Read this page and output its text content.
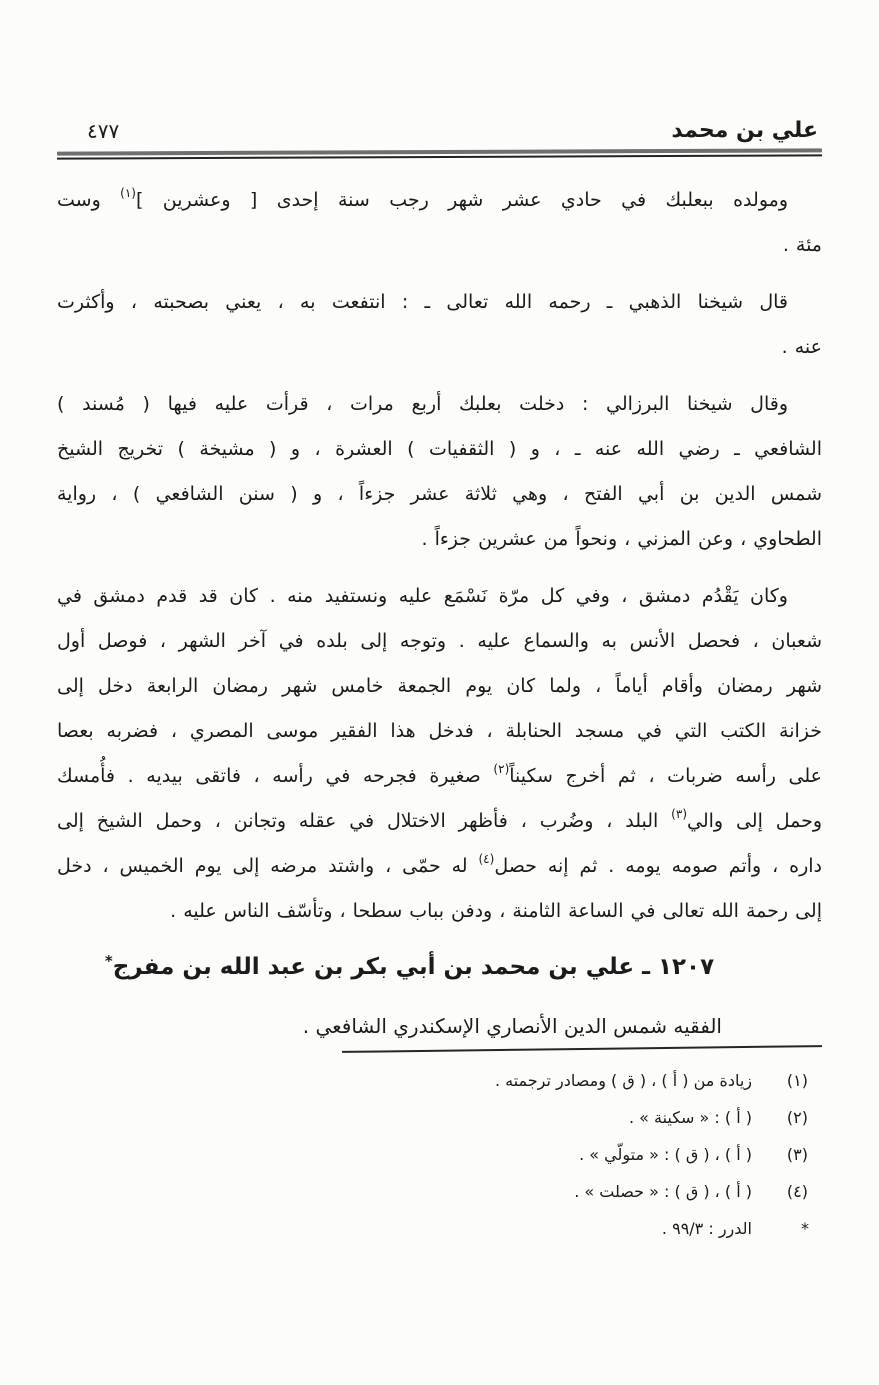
علي بن محمد
٤٧٧
ومولده ببعلبك في حادي عشر شهر رجب سنة إحدى [ وعشرين ]$^{(١)}$ وست
مئة .
قال شيخنا الذهبي ـ رحمه الله تعالى ـ : انتفعت به ، يعني بصحبته ، وأكثرت
عنه .
وقال شيخنا البرزالي : دخلت بعلبك أربع مرات ، قرأت عليه فيها ( مُسند )
الشافعي ـ رضي الله عنه ـ ، و ( الثقفيات ) العشرة ، و ( مشيخة ) تخريج الشيخ
شمس الدين بن أبي الفتح ، وهي ثلاثة عشر جزءاً ، و ( سنن الشافعي ) ، رواية
الطحاوي ، وعن المزني ، ونحواً من عشرين جزءاً .
وكان يَقْدُم دمشق ، وفي كل مرّة نَسْمَع عليه ونستفيد منه . كان قد قدم دمشق في
شعبان ، فحصل الأنس به والسماع عليه . وتوجه إلى بلده في آخر الشهر ، فوصل أول
شهر رمضان وأقام أياماً ، ولما كان يوم الجمعة خامس شهر رمضان الرابعة دخل إلى
خزانة الكتب التي في مسجد الحنابلة ، فدخل هذا الفقير موسى المصري ، فضربه بعصا
على رأسه ضربات ، ثم أخرج سكيناً$^{(٢)}$ صغيرة فجرحه في رأسه ، فاتقى بيديه . فأُمسك
وحمل إلى والي$^{(٣)}$ البلد ، وضُرب ، فأظهر الاختلال في عقله وتجانن ، وحمل الشيخ إلى
داره ، وأتم صومه يومه . ثم إنه حصل$^{(٤)}$ له حمّى ، واشتد مرضه إلى يوم الخميس ، دخل
إلى رحمة الله تعالى في الساعة الثامنة ، ودفن بباب سطحا ، وتأسّف الناس عليه .
١٢٠٧ ـ علي بن محمد بن أبي بكر بن عبد الله بن مفرج*
الفقيه شمس الدين الأنصاري الإسكندري الشافعي .
(١)
زيادة من ( أ ) ، ( ق ) ومصادر ترجمته .
(٢)
( أ ) : « سكينة » .
(٣)
( أ ) ، ( ق ) : « متولّي » .
(٤)
( أ ) ، ( ق ) : « حصلت » .
*
الدرر : ٩٩/٣ .
